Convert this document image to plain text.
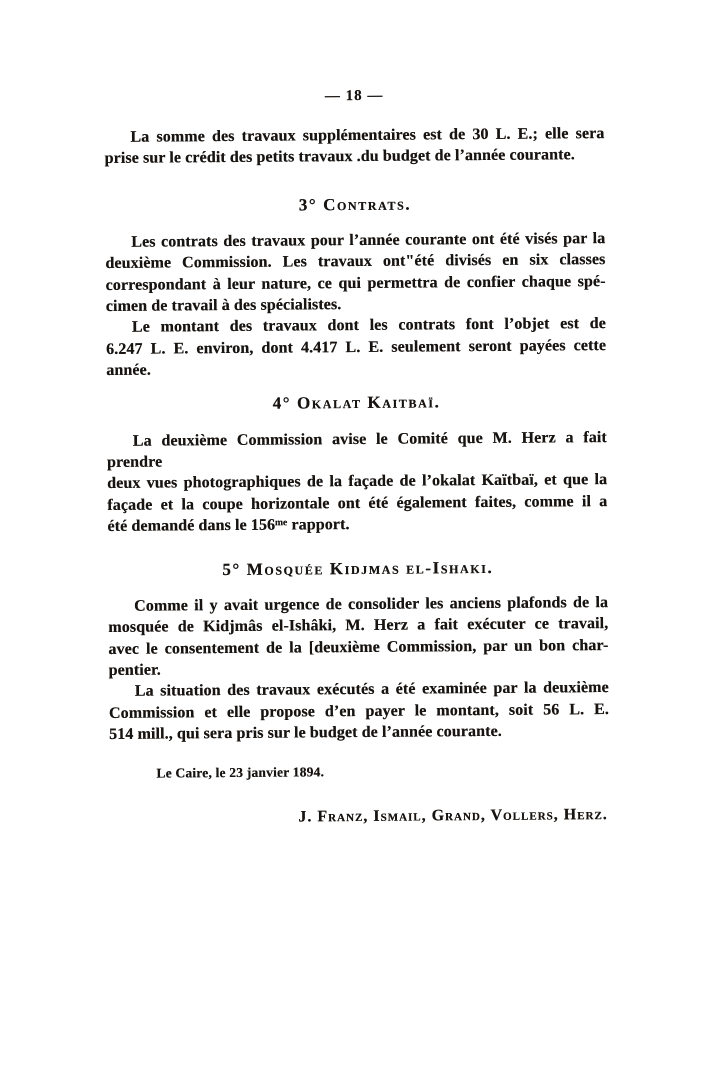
— 18 —
La somme des travaux supplémentaires est de 30 L. E.; elle sera
prise sur le crédit des petits travaux .du budget de l’année courante.
3° Contrats.
Les contrats des travaux pour l’année courante ont été visés par la
deuxième Commission. Les travaux ont"été divisés en six classes
correspondant à leur nature, ce qui permettra de confier chaque spé-
cimen de travail à des spécialistes.
Le montant des travaux dont les contrats font l’objet est de
6.247 L. E. environ, dont 4.417 L. E. seulement seront payées cette
année.
4° Okalat Kaitbaï.
La deuxième Commission avise le Comité que M. Herz a fait prendre
deux vues photographiques de la façade de l’okalat Kaïtbaï, et que la
façade et la coupe horizontale ont été également faites, comme il a
été demandé dans le 156ᵐᵉ rapport.
5° Mosquée Kidjmas el-Ishaki.
Comme il y avait urgence de consolider les anciens plafonds de la
mosquée de Kidjmâs el-Ishâki, M. Herz a fait exécuter ce travail,
avec le consentement de la [deuxième Commission, par un bon char-
pentier.
La situation des travaux exécutés a été examinée par la deuxième
Commission et elle propose d’en payer le montant, soit 56 L. E.
514 mill., qui sera pris sur le budget de l’année courante.
Le Caire, le 23 janvier 1894.
J. Franz, Ismail, Grand, Vollers, Herz.
